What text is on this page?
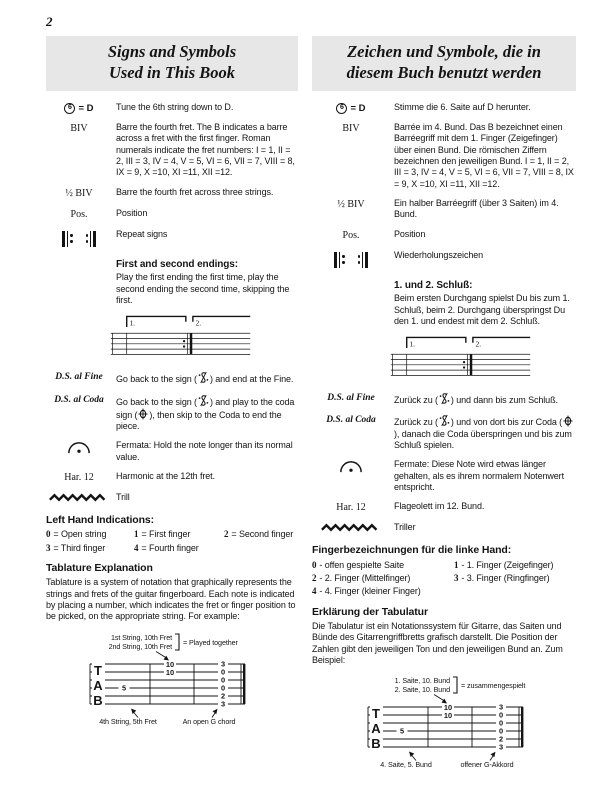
2
Signs and Symbols
Used in This Book
6 = D	Tune the 6th string down to D.
BIV	Barre the fourth fret. The B indicates a barre across a fret with the first finger. Roman numerals indicate the fret numbers: I = 1, II = 2, III = 3, IV = 4, V = 5, VI = 6, VII = 7, VIII = 8, IX = 9, X =10, XI =11, XII =12.
½ BIV	Barre the fourth fret across three strings.
Pos.	Position
Repeat signs
First and second endings:
Play the first ending the first time, play the second ending the second time, skipping the first.
1.	2.
D.S. al Fine	Go back to the sign ( ) and end at the Fine.
D.S. al Coda	Go back to the sign ( ) and play to the coda sign ( ), then skip to the Coda to end the piece.
Fermata: Hold the note longer than its normal value.
Har. 12	Harmonic at the 12th fret.
Trill
Left Hand Indications:
0 = Open string	1 = First finger	2 = Second finger
3 = Third finger	4 = Fourth finger
Tablature Explanation
Tablature is a system of notation that graphically represents the strings and frets of the guitar fingerboard. Each note is indicated by placing a number, which indicates the fret or finger position to be picked, on the appropriate string. For example:
1st String, 10th Fret
2nd String, 10th Fret = Played together
T
A
B
5
10
10
3
0
0
0
2
3
4th String, 5th Fret	An open G chord
Zeichen und Symbole, die in
diesem Buch benutzt werden
6 = D	Stimme die 6. Saite auf D herunter.
BIV	Barrée im 4. Bund. Das B bezeichnet einen Barréegriff mit dem 1. Finger (Zeigefinger) über einen Bund. Die römischen Ziffern bezeichnen den jeweiligen Bund. I = 1, II = 2, III = 3, IV = 4, V = 5, VI = 6, VII = 7, VIII = 8, IX = 9, X =10, XI =11, XII =12.
½ BIV	Ein halber Barréegriff (über 3 Saiten) im 4. Bund.
Pos.	Position
Wiederholungszeichen
1. und 2. Schluß:
Beim ersten Durchgang spielst Du bis zum 1. Schluß, beim 2. Durchgang überspringst Du den 1. und endest mit dem 2. Schluß.
1.	2.
D.S. al Fine	Zurück zu ( ) und dann bis zum Schluß.
D.S. al Coda	Zurück zu ( ) und von dort bis zur Coda (), danach die Coda überspringen und bis zum Schluß spielen.
Fermate: Diese Note wird etwas länger gehalten, als es ihrem normalem Notenwert entspricht.
Har. 12	Flageolett im 12. Bund.
Triller
Fingerbezeichnungen für die linke Hand:
0 - offen gespielte Saite	1 - 1. Finger (Zeigefinger)
2 - 2. Finger (Mittelfinger)	3 - 3. Finger (Ringfinger)
4 - 4. Finger (kleiner Finger)
Erklärung der Tabulatur
Die Tabulatur ist ein Notationssystem für Gitarre, das Saiten und Bünde des Gitarrengriffbretts grafisch darstellt. Die Position der Zahlen gibt den jeweiligen Ton und den jeweiligen Bund an. Zum Beispiel:
1. Saite, 10. Bund
2. Saite, 10. Bund = zusammengespielt
T
A
B
5
10
10
3
0
0
0
2
3
4. Saite, 5. Bund	offener G-Akkord
